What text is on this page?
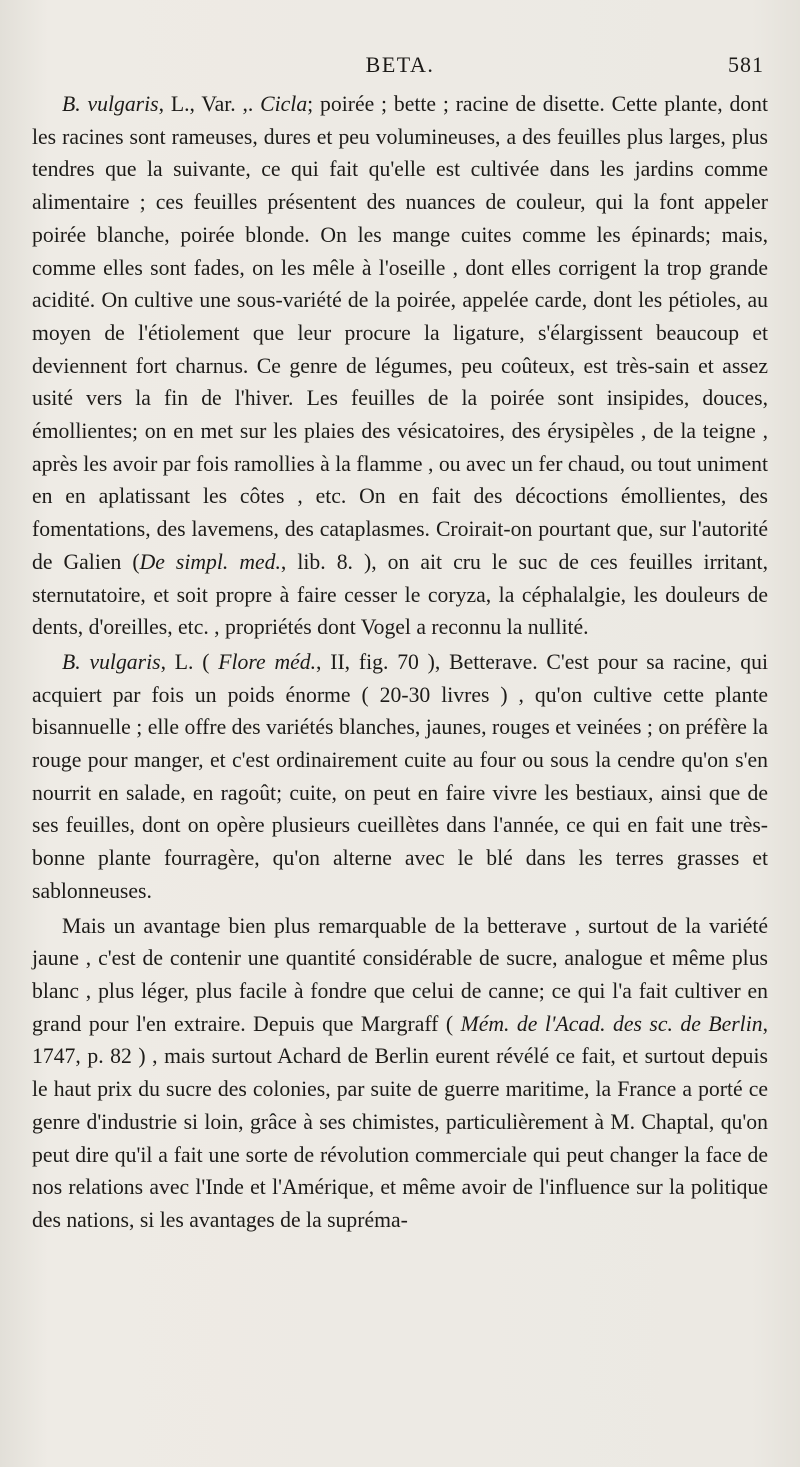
BETA.	581

B. vulgaris, L., Var. ,. Cicla; poirée ; bette ; racine de disette. Cette plante, dont les racines sont rameuses, dures et peu volumineuses, a des feuilles plus larges, plus tendres que la suivante, ce qui fait qu'elle est cultivée dans les jardins comme alimentaire ; ces feuilles présentent des nuances de couleur, qui la font appeler poirée blanche, poirée blonde. On les mange cuites comme les épinards; mais, comme elles sont fades, on les mêle à l'oseille , dont elles corrigent la trop grande acidité. On cultive une sous-variété de la poirée, appelée carde, dont les pétioles, au moyen de l'étiolement que leur procure la ligature, s'élargissent beaucoup et deviennent fort charnus. Ce genre de légumes, peu coûteux, est très-sain et assez usité vers la fin de l'hiver. Les feuilles de la poirée sont insipides, douces, émollientes; on en met sur les plaies des vésicatoires, des érysipèles , de la teigne , après les avoir par fois ramollies à la flamme , ou avec un fer chaud, ou tout uniment en en aplatissant les côtes , etc. On en fait des décoctions émollientes, des fomentations, des lavemens, des cataplasmes. Croirait-on pourtant que, sur l'autorité de Galien (De simpl. med., lib. 8. ), on ait cru le suc de ces feuilles irritant, sternutatoire, et soit propre à faire cesser le coryza, la céphalalgie, les douleurs de dents, d'oreilles, etc. , propriétés dont Vogel a reconnu la nullité.

B. vulgaris, L. ( Flore méd., II, fig. 70 ), Betterave. C'est pour sa racine, qui acquiert par fois un poids énorme ( 20-30 livres ) , qu'on cultive cette plante bisannuelle ; elle offre des variétés blanches, jaunes, rouges et veinées ; on préfère la rouge pour manger, et c'est ordinairement cuite au four ou sous la cendre qu'on s'en nourrit en salade, en ragoût; cuite, on peut en faire vivre les bestiaux, ainsi que de ses feuilles, dont on opère plusieurs cueillètes dans l'année, ce qui en fait une très-bonne plante fourragère, qu'on alterne avec le blé dans les terres grasses et sablonneuses.

Mais un avantage bien plus remarquable de la betterave , surtout de la variété jaune , c'est de contenir une quantité considérable de sucre, analogue et même plus blanc , plus léger, plus facile à fondre que celui de canne; ce qui l'a fait cultiver en grand pour l'en extraire. Depuis que Margraff ( Mém. de l'Acad. des sc. de Berlin, 1747, p. 82 ) , mais surtout Achard de Berlin eurent révélé ce fait, et surtout depuis le haut prix du sucre des colonies, par suite de guerre maritime, la France a porté ce genre d'industrie si loin, grâce à ses chimistes, particulièrement à M. Chaptal, qu'on peut dire qu'il a fait une sorte de révolution commerciale qui peut changer la face de nos relations avec l'Inde et l'Amérique, et même avoir de l'influence sur la politique des nations, si les avantages de la supréma-
